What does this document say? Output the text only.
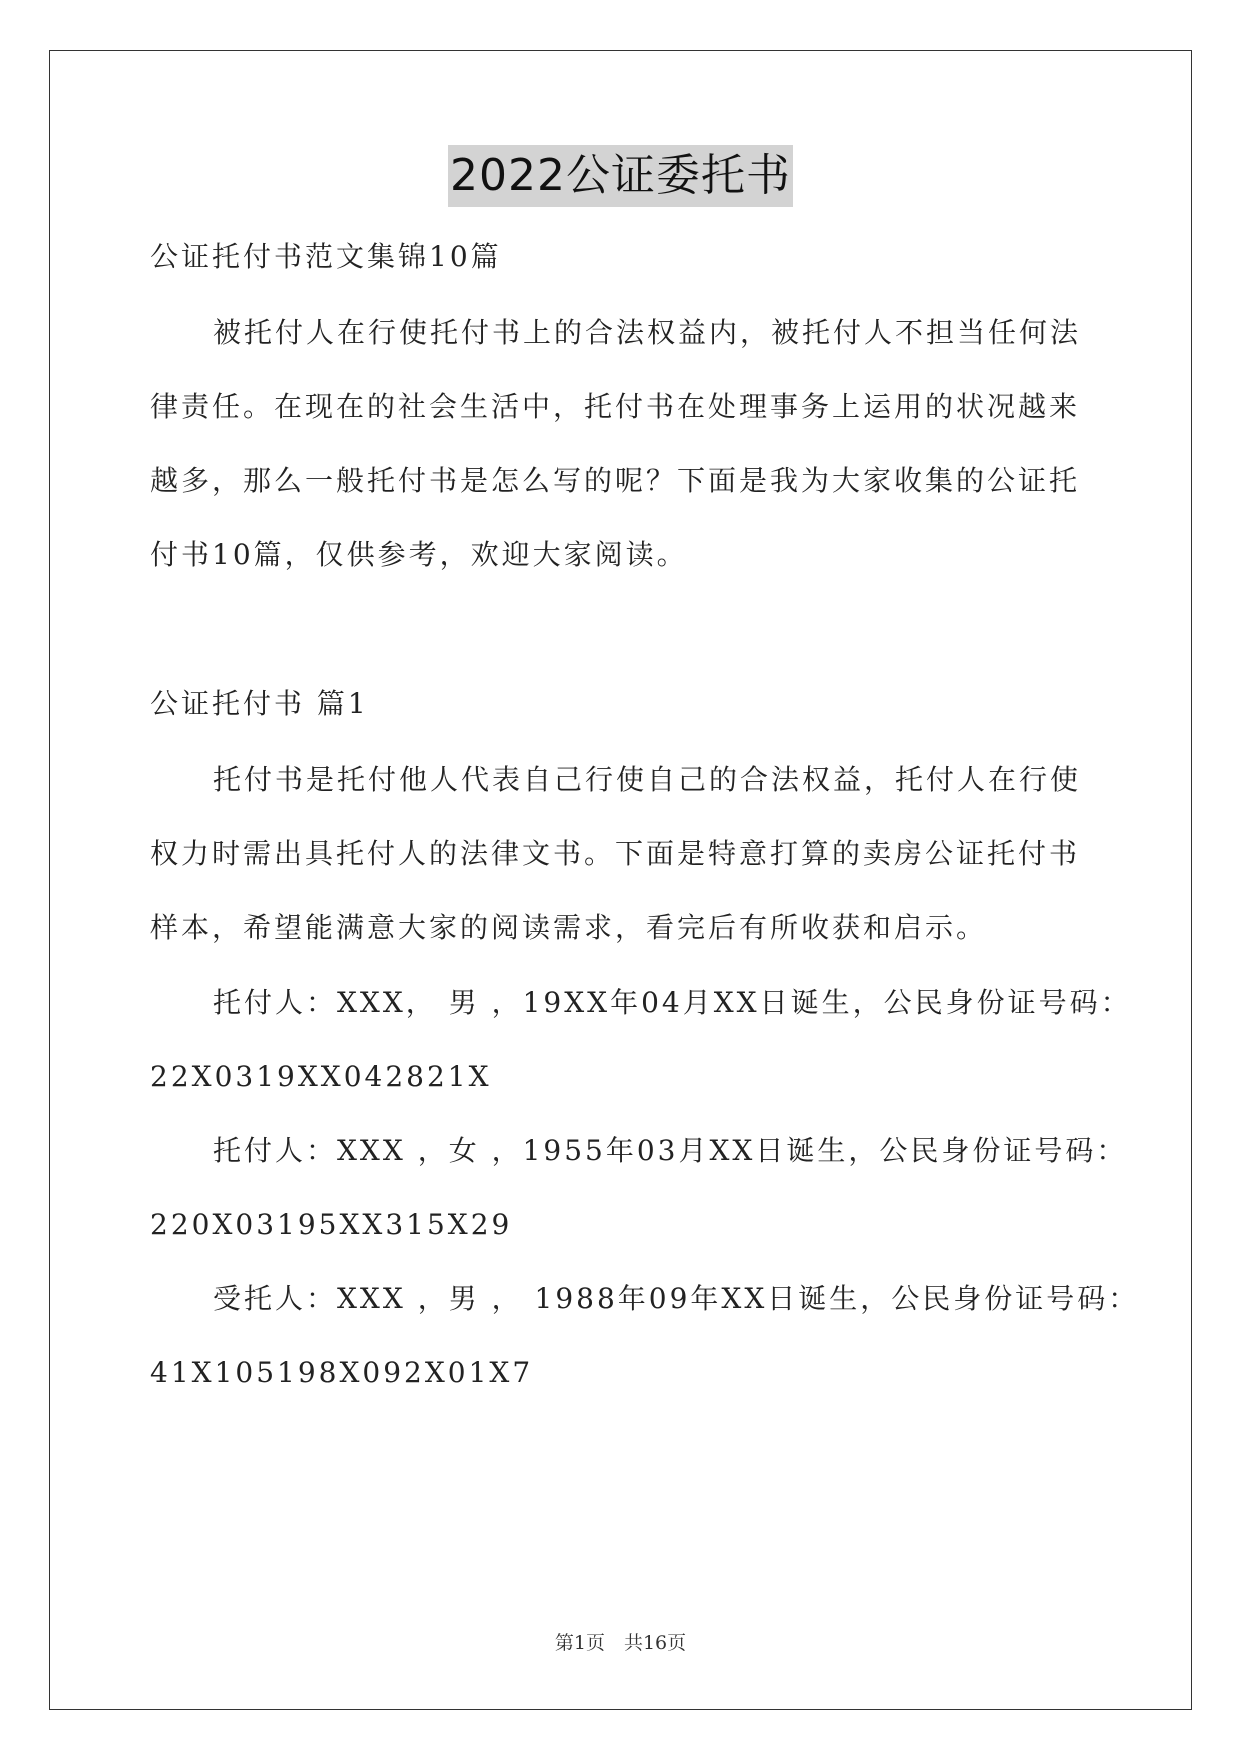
2022公证委托书
公证托付书范文集锦10篇
被托付人在行使托付书上的合法权益内，被托付人不担当任何法
律责任。在现在的社会生活中，托付书在处理事务上运用的状况越来
越多，那么一般托付书是怎么写的呢？下面是我为大家收集的公证托
付书10篇，仅供参考，欢迎大家阅读。
公证托付书 篇1
托付书是托付他人代表自己行使自己的合法权益，托付人在行使
权力时需出具托付人的法律文书。下面是特意打算的卖房公证托付书
样本，希望能满意大家的阅读需求，看完后有所收获和启示。
托付人：XXX， 男 ，19XX年04月XX日诞生，公民身份证号码：
22X0319XX042821X
托付人：XXX ，女 ，1955年03月XX日诞生，公民身份证号码：
220X03195XX315X29
受托人：XXX ，男 ， 1988年09年XX日诞生，公民身份证号码：
41X105198X092X01X7
第1页　共16页
